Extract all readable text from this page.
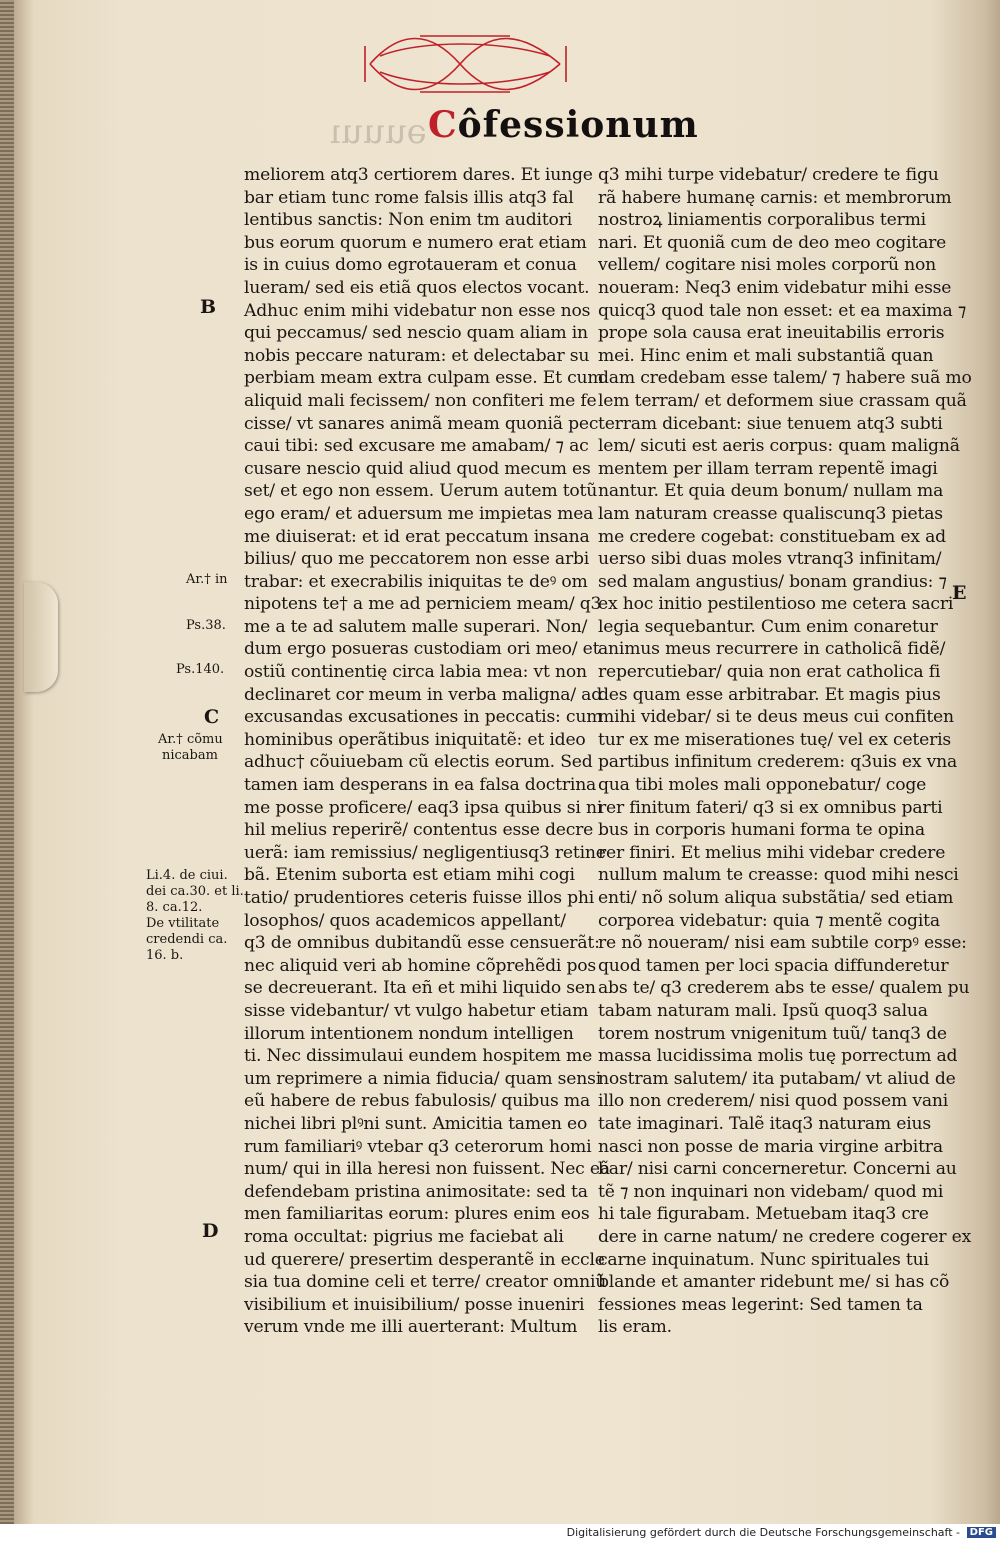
ǝuuuı Côfessionum
meliorem atq3 certiorem dares. Et iunge
bar etiam tunc rome falsis illis atq3 fal
lentibus sanctis: Non enim tm auditori
bus eorum quorum e numero erat etiam
is in cuius domo egrotaueram et conua
lueram/ sed eis etiã quos electos vocant.
Adhuc enim mihi videbatur non esse nos
qui peccamus/ sed nescio quam aliam in
nobis peccare naturam: et delectabar su
perbiam meam extra culpam esse. Et cum
aliquid mali fecissem/ non confiteri me fe
cisse/ vt sanares animã meam quoniã pec
caui tibi: sed excusare me amabam/ ⁊ ac
cusare nescio quid aliud quod mecum es
set/ et ego non essem. Uerum autem totũ
ego eram/ et aduersum me impietas mea
me diuiserat: et id erat peccatum insana
bilius/ quo me peccatorem non esse arbi
trabar: et execrabilis iniquitas te deꝰ om
nipotens te† a me ad perniciem meam/ q3
me a te ad salutem malle superari. Non/
dum ergo posueras custodiam ori meo/ et
ostiũ continentię circa labia mea: vt non
declinaret cor meum in verba maligna/ ad
excusandas excusationes in peccatis: cum
hominibus operãtibus iniquitatẽ: et ideo
adhuc† cõuiuebam cũ electis eorum. Sed
tamen iam desperans in ea falsa doctrina
me posse proficere/ eaq3 ipsa quibus si ni
hil melius reperirẽ/ contentus esse decre
uerã: iam remissius/ negligentiusq3 retine
bã. Etenim suborta est etiam mihi cogi
tatio/ prudentiores ceteris fuisse illos phi
losophos/ quos academicos appellant/
q3 de omnibus dubitandũ esse censuerãt:
nec aliquid veri ab homine cõprehẽdi pos
se decreuerant. Ita eñ et mihi liquido sen
sisse videbantur/ vt vulgo habetur etiam
illorum intentionem nondum intelligen
ti. Nec dissimulaui eundem hospitem me
um reprimere a nimia fiducia/ quam sensi
eũ habere de rebus fabulosis/ quibus ma
nichei libri plꝰni sunt. Amicitia tamen eo
rum familiariꝰ vtebar q3 ceterorum homi
num/ qui in illa heresi non fuissent. Nec eã
defendebam pristina animositate: sed ta
men familiaritas eorum: plures enim eos
roma occultat: pigrius me faciebat ali
ud querere/ presertim desperantẽ in eccle
sia tua domine celi et terre/ creator omniũ
visibilium et inuisibilium/ posse inueniri
verum vnde me illi auerterant: Multum
q3 mihi turpe videbatur/ credere te figu
rã habere humanę carnis: et membrorum
nostroꝝ liniamentis corporalibus termi
nari. Et quoniã cum de deo meo cogitare
vellem/ cogitare nisi moles corporũ non
noueram: Neq3 enim videbatur mihi esse
quicq3 quod tale non esset: et ea maxima ⁊
prope sola causa erat ineuitabilis erroris
mei. Hinc enim et mali substantiã quan
dam credebam esse talem/ ⁊ habere suã mo
lem terram/ et deformem siue crassam quã
terram dicebant: siue tenuem atq3 subti
lem/ sicuti est aeris corpus: quam malignã
mentem per illam terram repentẽ imagi
nantur. Et quia deum bonum/ nullam ma
lam naturam creasse qualiscunq3 pietas
me credere cogebat: constituebam ex ad
uerso sibi duas moles vtranq3 infinitam/
sed malam angustius/ bonam grandius: ⁊
ex hoc initio pestilentioso me cetera sacri
legia sequebantur. Cum enim conaretur
animus meus recurrere in catholicã fidẽ/
repercutiebar/ quia non erat catholica fi
des quam esse arbitrabar. Et magis pius
mihi videbar/ si te deus meus cui confiten
tur ex me miserationes tuę/ vel ex ceteris
partibus infinitum crederem: q3uis ex vna
qua tibi moles mali opponebatur/ coge
rer finitum fateri/ q3 si ex omnibus parti
bus in corporis humani forma te opina
rer finiri. Et melius mihi videbar credere
nullum malum te creasse: quod mihi nesci
enti/ nõ solum aliqua substãtia/ sed etiam
corporea videbatur: quia ⁊ mentẽ cogita
re nõ noueram/ nisi eam subtile corpꝰ esse:
quod tamen per loci spacia diffunderetur
abs te/ q3 crederem abs te esse/ qualem pu
tabam naturam mali. Ipsũ quoq3 salua
torem nostrum vnigenitum tuũ/ tanq3 de
massa lucidissima molis tuę porrectum ad
nostram salutem/ ita putabam/ vt aliud de
illo non crederem/ nisi quod possem vani
tate imaginari. Talẽ itaq3 naturam eius
nasci non posse de maria virgine arbitra
bar/ nisi carni concerneretur. Concerni au
tẽ ⁊ non inquinari non videbam/ quod mi
hi tale figurabam. Metuebam itaq3 cre
dere in carne natum/ ne credere cogerer ex
carne inquinatum. Nunc spirituales tui
blande et amanter ridebunt me/ si has cõ
fessiones meas legerint: Sed tamen ta
lis eram.
B
Ar.† in
Ps.38.
Ps.140.
C
Ar.† cõmu
nicabam
Li.4. de ciui.
dei ca.30. et li.
8. ca.12.
De vtilitate
credendi ca.
16. b.
D
E
Digitalisierung gefördert durch die Deutsche Forschungsgemeinschaft - DFG
